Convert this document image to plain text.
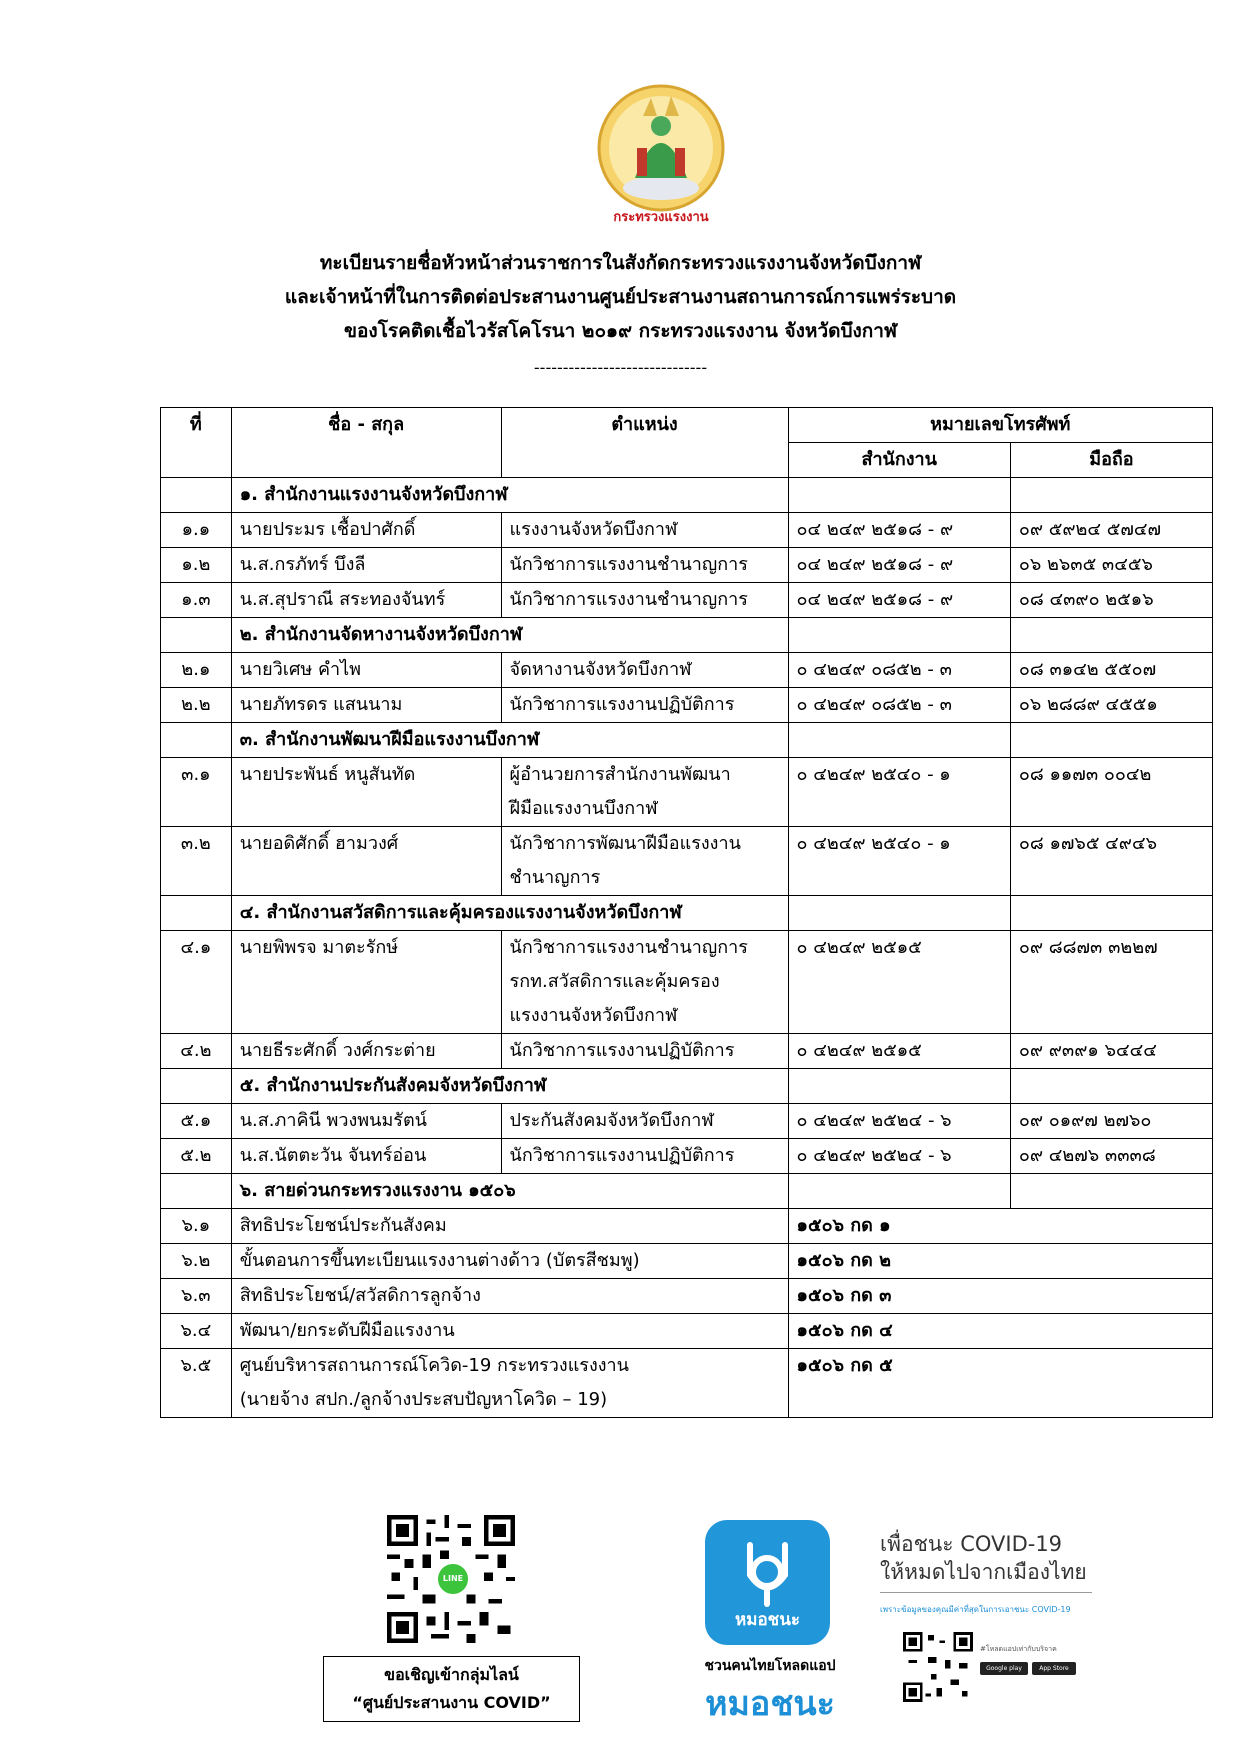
กระทรวงแรงงาน
ทะเบียนรายชื่อหัวหน้าส่วนราชการในสังกัดกระทรวงแรงงานจังหวัดบึงกาฬ
และเจ้าหน้าที่ในการติดต่อประสานงานศูนย์ประสานงานสถานการณ์การแพร่ระบาด
ของโรคติดเชื้อไวรัสโคโรนา ๒๐๑๙ กระทรวงแรงงาน จังหวัดบึงกาฬ
------------------------------
ที่	ชื่อ - สกุล	ตำแหน่ง	หมายเลขโทรศัพท์	
			สำนักงาน	มือถือ
	๑. สำนักงานแรงงานจังหวัดบึงกาฬ			
๑.๑	นายประมร เชื้อปาศักดิ์	แรงงานจังหวัดบึงกาฬ	๐๔ ๒๔๙ ๒๕๑๘ - ๙	๐๙ ๕๙๒๔ ๕๗๔๗
๑.๒	น.ส.กรภัทร์ บึงลี	นักวิชาการแรงงานชำนาญการ	๐๔ ๒๔๙ ๒๕๑๘ - ๙	๐๖ ๒๖๓๕ ๓๔๕๖
๑.๓	น.ส.สุปราณี สระทองจันทร์	นักวิชาการแรงงานชำนาญการ	๐๔ ๒๔๙ ๒๕๑๘ - ๙	๐๘ ๔๓๙๐ ๒๕๑๖
	๒. สำนักงานจัดหางานจังหวัดบึงกาฬ			
๒.๑	นายวิเศษ คำไพ	จัดหางานจังหวัดบึงกาฬ	๐ ๔๒๔๙ ๐๘๕๒ - ๓	๐๘ ๓๑๔๒ ๕๕๐๗
๒.๒	นายภัทรดร แสนนาม	นักวิชาการแรงงานปฏิบัติการ	๐ ๔๒๔๙ ๐๘๕๒ - ๓	๐๖ ๒๘๘๙ ๔๕๕๑
	๓. สำนักงานพัฒนาฝีมือแรงงานบึงกาฬ			
๓.๑	นายประพันธ์ หนูสันทัด	ผู้อำนวยการสำนักงานพัฒนา
ฝีมือแรงงานบึงกาฬ	๐ ๔๒๔๙ ๒๕๔๐ - ๑	๐๘ ๑๑๗๓ ๐๐๔๒
๓.๒	นายอดิศักดิ์ ฮามวงศ์	นักวิชาการพัฒนาฝีมือแรงงาน
ชำนาญการ	๐ ๔๒๔๙ ๒๕๔๐ - ๑	๐๘ ๑๗๖๕ ๔๙๔๖
	๔. สำนักงานสวัสดิการและคุ้มครองแรงงานจังหวัดบึงกาฬ			
๔.๑	นายพิพรจ มาตะรักษ์	นักวิชาการแรงงานชำนาญการ
รกท.สวัสดิการและคุ้มครอง
แรงงานจังหวัดบึงกาฬ	๐ ๔๒๔๙ ๒๕๑๕	๐๙ ๘๘๗๓ ๓๒๒๗
๔.๒	นายธีระศักดิ์ วงศ์กระต่าย	นักวิชาการแรงงานปฏิบัติการ	๐ ๔๒๔๙ ๒๕๑๕	๐๙ ๙๓๙๑ ๖๔๔๔
	๕. สำนักงานประกันสังคมจังหวัดบึงกาฬ			
๕.๑	น.ส.ภาคินี พวงพนมรัตน์	ประกันสังคมจังหวัดบึงกาฬ	๐ ๔๒๔๙ ๒๕๒๔ - ๖	๐๙ ๐๑๙๗ ๒๗๖๐
๕.๒	น.ส.นัตตะวัน จันทร์อ่อน	นักวิชาการแรงงานปฏิบัติการ	๐ ๔๒๔๙ ๒๕๒๔ - ๖	๐๙ ๔๒๗๖ ๓๓๓๘
	๖. สายด่วนกระทรวงแรงงาน ๑๕๐๖			
๖.๑	สิทธิประโยชน์ประกันสังคม		๑๕๐๖ กด ๑	
๖.๒	ขั้นตอนการขึ้นทะเบียนแรงงานต่างด้าว (บัตรสีชมพู)		๑๕๐๖ กด ๒	
๖.๓	สิทธิประโยชน์/สวัสดิการลูกจ้าง		๑๕๐๖ กด ๓	
๖.๔	พัฒนา/ยกระดับฝีมือแรงงาน		๑๕๐๖ กด ๔	
๖.๕	ศูนย์บริหารสถานการณ์โควิด-19 กระทรวงแรงงาน
(นายจ้าง สปก./ลูกจ้างประสบปัญหาโควิด – 19)		๑๕๐๖ กด ๕	
LINE
ขอเชิญเข้ากลุ่มไลน์
“ศูนย์ประสานงาน COVID”
หมอชนะ
ชวนคนไทยโหลดแอป
หมอชนะ
เพื่อชนะ COVID-19
ให้หมดไปจากเมืองไทย
เพราะข้อมูลของคุณมีค่าที่สุดในการเอาชนะ COVID-19
#โหลดแอปเท่ากับบริจาค
Google play	App Store
